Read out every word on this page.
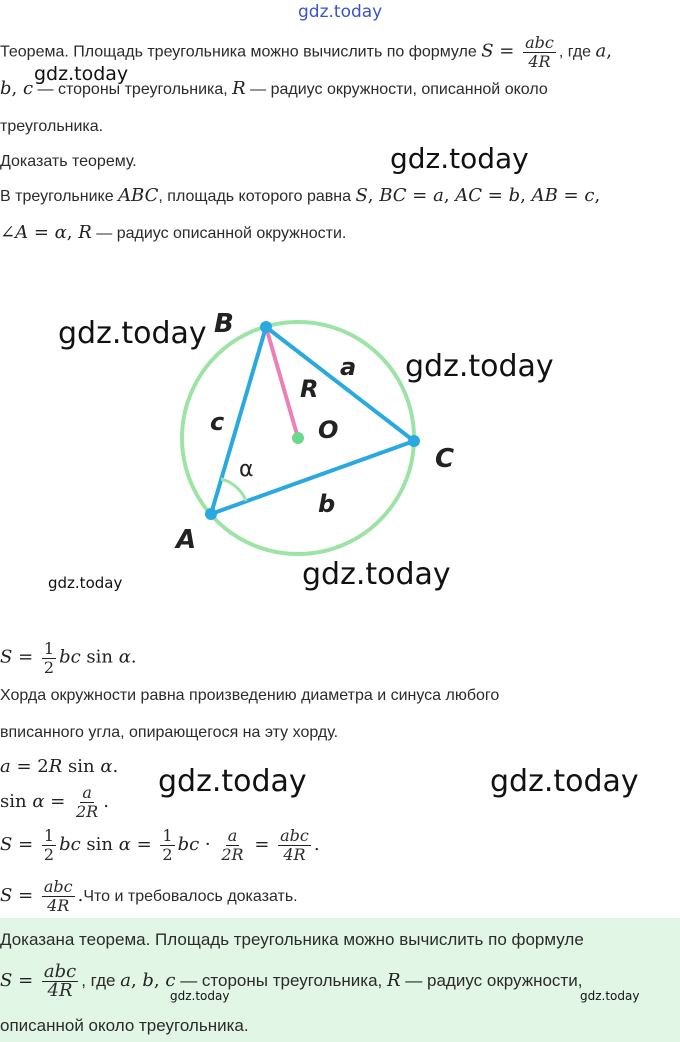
gdz.today
gdz.today
gdz.today
gdz.today
gdz.today
gdz.today	gdz.today
gdz.today	gdz.today
Теорема. Площадь треугольника можно вычислить по формуле $S = \frac{\text{abc}}{4R}$ , где a,
b, c — стороны треугольника, R — радиус окружности, описанной около
треугольника.
Доказать теорему.
В треугольнике ABC, площадь которого равна S, BC = a, AC = b, AB = c,
∠A = α, R — радиус описанной окружности.
B
C
A
O
a
b
c
R
α
$S = \frac{1}{2}$ bc sin α.
Хорда окружности равна произведению диаметра и синуса любого
вписанного угла, опирающегося на эту хорду.
a = 2R sin α.
$\sin \alpha = \frac{a}{2R}$ .
$S = \frac{1}{2}$ bc $\sin \alpha = \frac{1}{2}$ bc · $\frac{a}{2R} = \frac{\text{abc}}{4R}$ .
$S = \frac{\text{abc}}{4R} .Что$ и требовалось доказать.
Доказана теорема. Площадь треугольника можно вычислить по формуле
$S = \frac{\text{abc}}{4R}$ , где a, b, c — стороны треугольника, R — радиус окружности,
описанной около треугольника.
gdz.today	gdz.today
